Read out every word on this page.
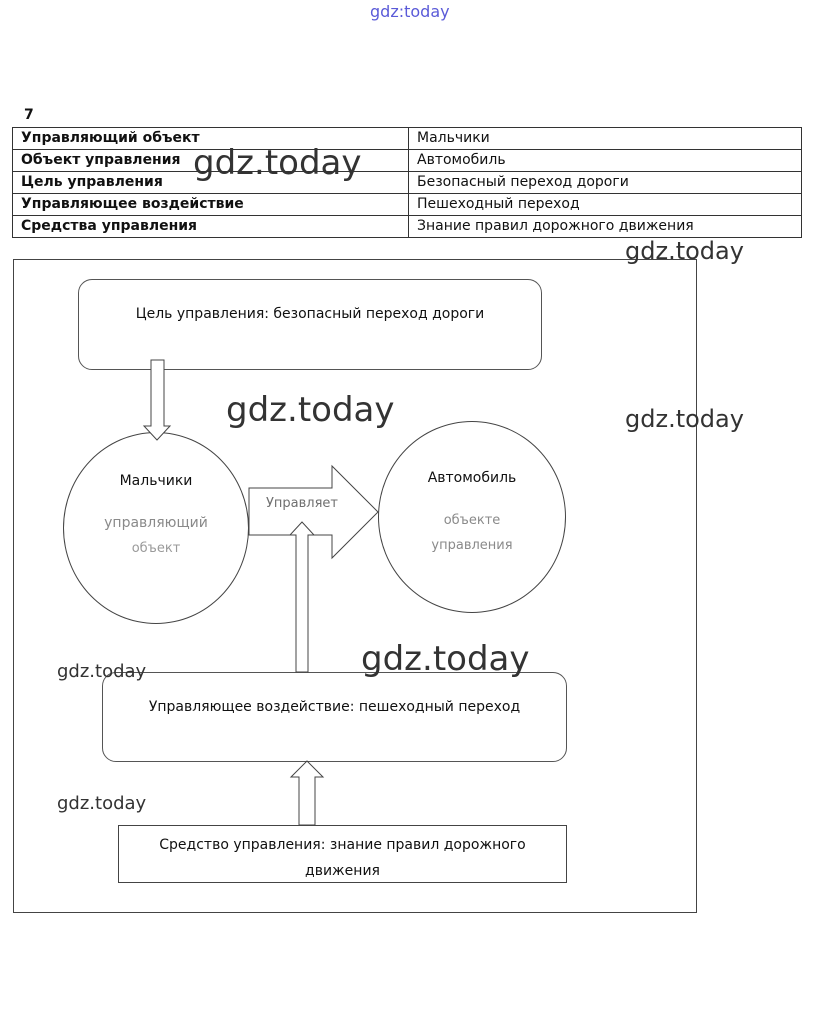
gdz:today
7
Управляющий объект	Мальчики
Объект управления	Автомобиль
Цель управления	Безопасный переход дороги
Управляющее воздействие	Пешеходный переход
Средства управления	Знание правил дорожного движения
Цель управления: безопасный переход дороги
Управляющее воздействие: пешеходный переход
Средство управления: знание правил дорожного
движения
Мальчики
управляющий
объект
Автомобиль
объекте
управления
Управляет
gdz.today
gdz.today
gdz.today	gdz.today
gdz.today
gdz.today
gdz.today
